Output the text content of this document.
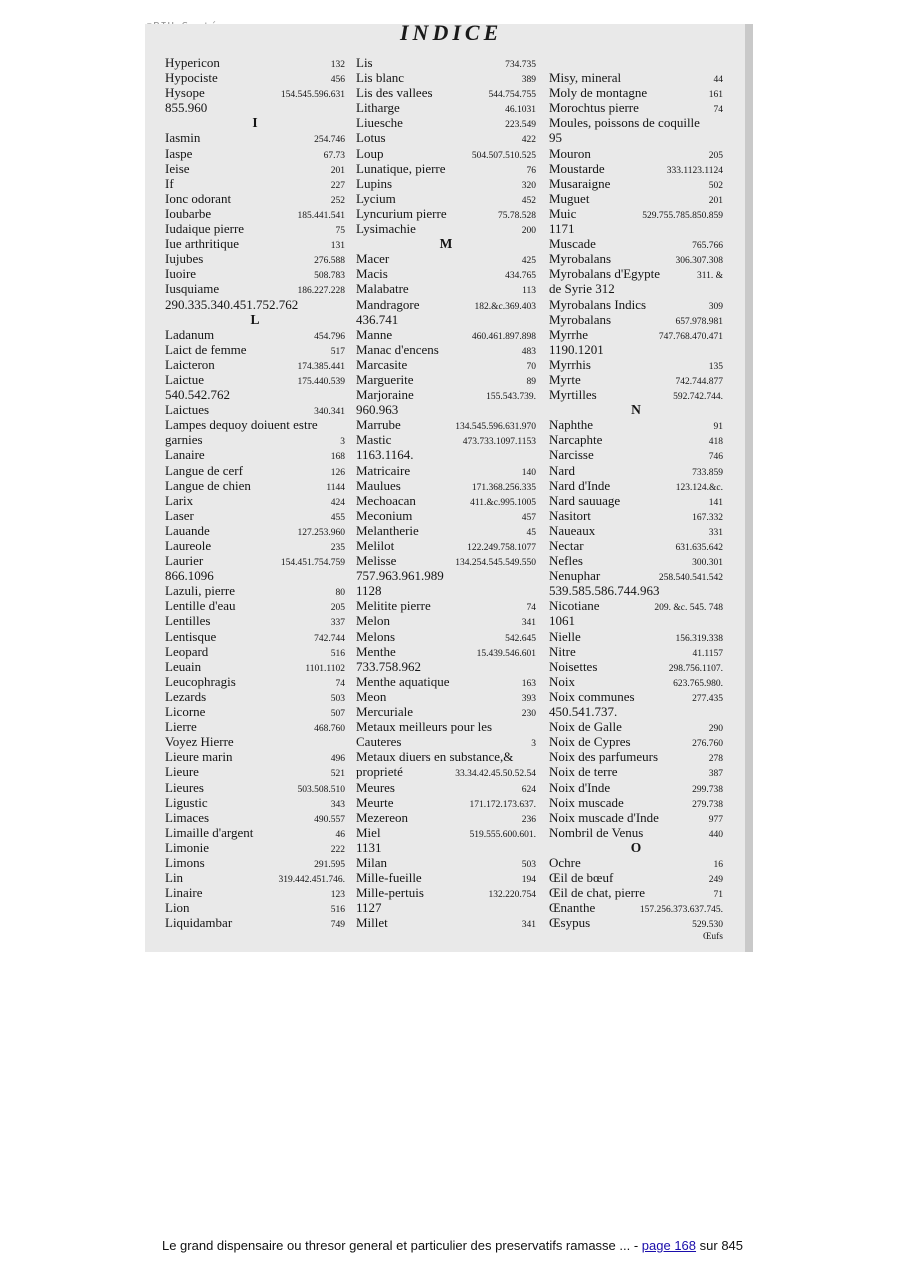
INDICE
Hypericon	132
Hypociste	456
Hysope	154.545.596.631
855.960
I
Iasmin	254.746
Iaspe	67.73
Ieise	201
If	227
Ionc odorant	252
Ioubarbe	185.441.541
Iudaique pierre	75
Iue arthritique	131
Iujubes	276.588
Iuoire	508.783
Iusquiame	186.227.228
290.335.340.451.752.762
L
Ladanum	454.796
Laict de femme	517
Laicteron	174.385.441
Laictue	175.440.539
540.542.762
Laictues	340.341
Lampes dequoy doiuent estre
garnies	3
Lanaire	168
Langue de cerf	126
Langue de chien	1144
Larix	424
Laser	455
Lauande	127.253.960
Laureole	235
Laurier	154.451.754.759
866.1096
Lazuli, pierre	80
Lentille d'eau	205
Lentilles	337
Lentisque	742.744
Leopard	516
Leuain	1101.1102
Leucophragis	74
Lezards	503
Licorne	507
Lierre	468.760
Voyez Hierre
Lieure marin	496
Lieure	521
Lieures	503.508.510
Ligustic	343
Limaces	490.557
Limaille d'argent	46
Limonie	222
Limons	291.595
Lin	319.442.451.746.
Linaire	123
Lion	516
Liquidambar	749
Lis	734.735
Lis blanc	389
Lis des vallees	544.754.755
Litharge	46.1031
Liuesche	223.549
Lotus	422
Loup	504.507.510.525
Lunatique, pierre	76
Lupins	320
Lycium	452
Lyncurium pierre	75.78.528
Lysimachie	200
M
Macer	425
Macis	434.765
Malabatre	113
Mandragore	182.&c.369.403
436.741
Manne	460.461.897.898
Manac d'encens	483
Marcasite	70
Marguerite	89
Marjoraine	155.543.739.
960.963
Marrube	134.545.596.631.970
Mastic	473.733.1097.1153
1163.1164.
Matricaire	140
Maulues	171.368.256.335
Mechoacan	411.&c.995.1005
Meconium	457
Melantherie	45
Melilot	122.249.758.1077
Melisse	134.254.545.549.550
757.963.961.989
1128
Melitite pierre	74
Melon	341
Melons	542.645
Menthe	15.439.546.601
733.758.962
Menthe aquatique	163
Meon	393
Mercuriale	230
Metaux meilleurs pour les
Cauteres	3
Metaux diuers en substance,&
proprieté	33.34.42.45.50.52.54
Meures	624
Meurte	171.172.173.637.
Mezereon	236
Miel	519.555.600.601.
1131
Milan	503
Mille-fueille	194
Mille-pertuis	132.220.754
1127
Millet	341
Misy, mineral	44
Moly de montagne	161
Morochtus pierre	74
Moules, poissons de coquille
95
Mouron	205
Moustarde	333.1123.1124
Musaraigne	502
Muguet	201
Muic	529.755.785.850.859
1171
Muscade	765.766
Myrobalans	306.307.308
Myrobalans d'Egypte	311. &
de Syrie 312
Myrobalans Indics	309
Myrobalans	657.978.981
Myrrhe	747.768.470.471
1190.1201
Myrrhis	135
Myrte	742.744.877
Myrtilles	592.742.744.
N
Naphthe	91
Narcaphte	418
Narcisse	746
Nard	733.859
Nard d'Inde	123.124.&c.
Nard sauuage	141
Nasitort	167.332
Naueaux	331
Nectar	631.635.642
Nefles	300.301
Nenuphar	258.540.541.542
539.585.586.744.963
Nicotiane	209. &c. 545. 748
1061
Nielle	156.319.338
Nitre	41.1157
Noisettes	298.756.1107.
Noix	623.765.980.
Noix communes	277.435
450.541.737.
Noix de Galle	290
Noix de Cypres	276.760
Noix des parfumeurs	278
Noix de terre	387
Noix d'Inde	299.738
Noix muscade	279.738
Noix muscade d'Inde	977
Nombril de Venus	440
O
Ochre	16
Œil de bœuf	249
Œil de chat, pierre	71
Œnanthe	157.256.373.637.745.
Œsypus	529.530
Œufs
Le grand dispensaire ou thresor general et particulier des preservatifs ramasse ... - page 168 sur 845
